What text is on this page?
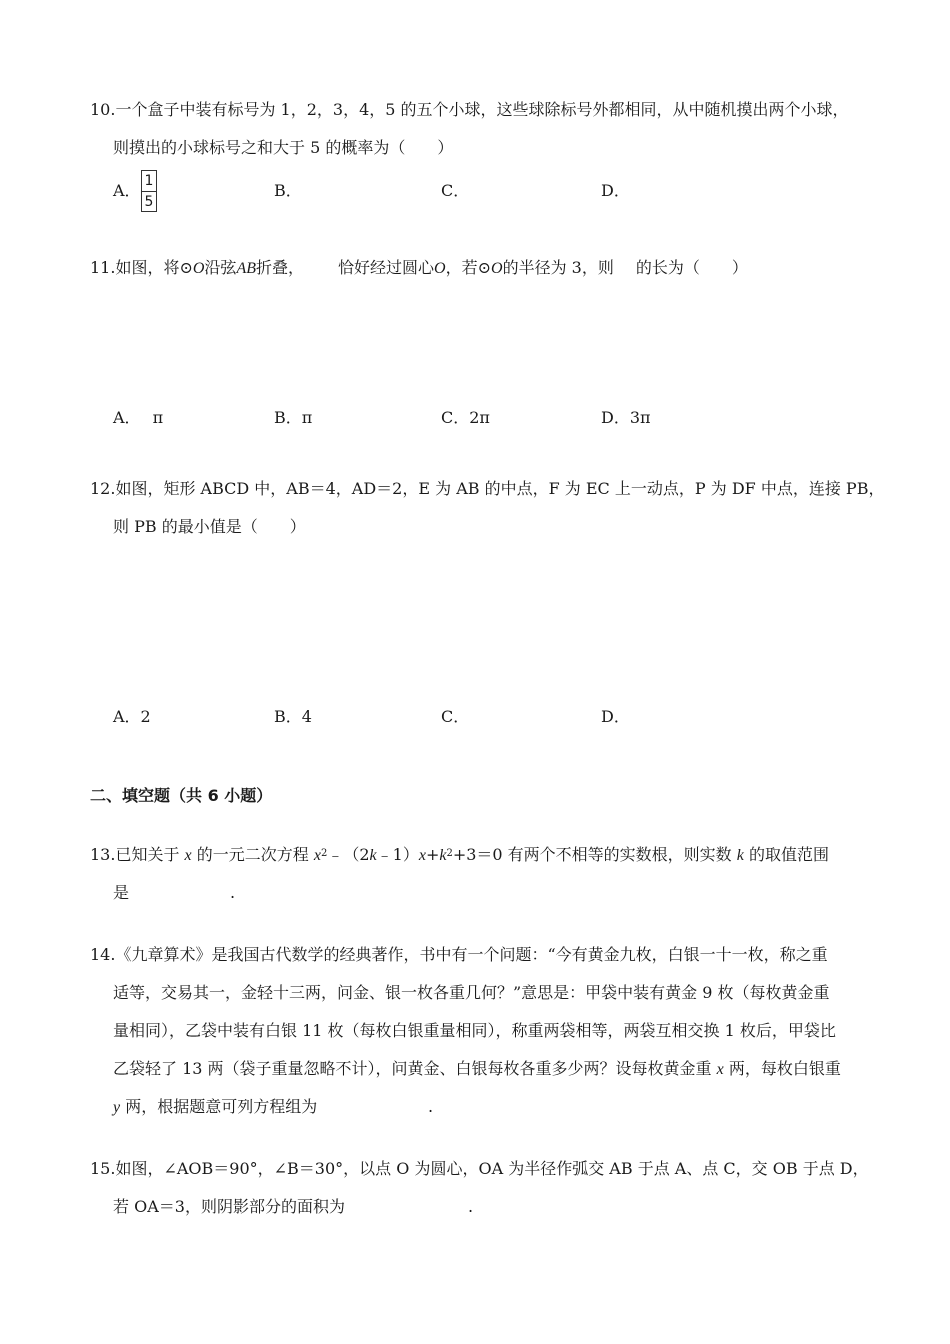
10.一个盒子中装有标号为 1，2，3，4，5 的五个小球，这些球除标号外都相同，从中随机摸出两个小球，
则摸出的小球标号之和大于 5 的概率为（　　）
A． $\frac{1}{5}$	B．	C．	D．
11.如图，将⊙O沿弦AB折叠， 恰好经过圆心O，若⊙O的半径为 3，则 的长为（　　）
A． π	B．π	C．2π	D．3π
12.如图，矩形 ABCD 中，AB＝4，AD＝2，E 为 AB 的中点，F 为 EC 上一动点，P 为 DF 中点，连接 PB，
则 PB 的最小值是（　　）
A．2	B．4	C．	D．
二、填空题（共 6 小题）
13.已知关于 x 的一元二次方程 $x^2﹣(2k﹣1)x+k^2+3=0$ 有两个不相等的实数根，则实数 k 的取值范围
是	.
14.《九章算术》是我国古代数学的经典著作，书中有一个问题：“今有黄金九枚，白银一十一枚，称之重
适等，交易其一，金轻十三两，问金、银一枚各重几何？”意思是：甲袋中装有黄金 9 枚（每枚黄金重
量相同），乙袋中装有白银 11 枚（每枚白银重量相同），称重两袋相等，两袋互相交换 1 枚后，甲袋比
乙袋轻了 13 两（袋子重量忽略不计），问黄金、白银每枚各重多少两？设每枚黄金重 x 两，每枚白银重
y 两，根据题意可列方程组为	.
15.如图，∠AOB＝90°，∠B＝30°，以点 O 为圆心，OA 为半径作弧交 AB 于点 A、点 C，交 OB 于点 D，
若 OA＝3，则阴影部分的面积为	.
